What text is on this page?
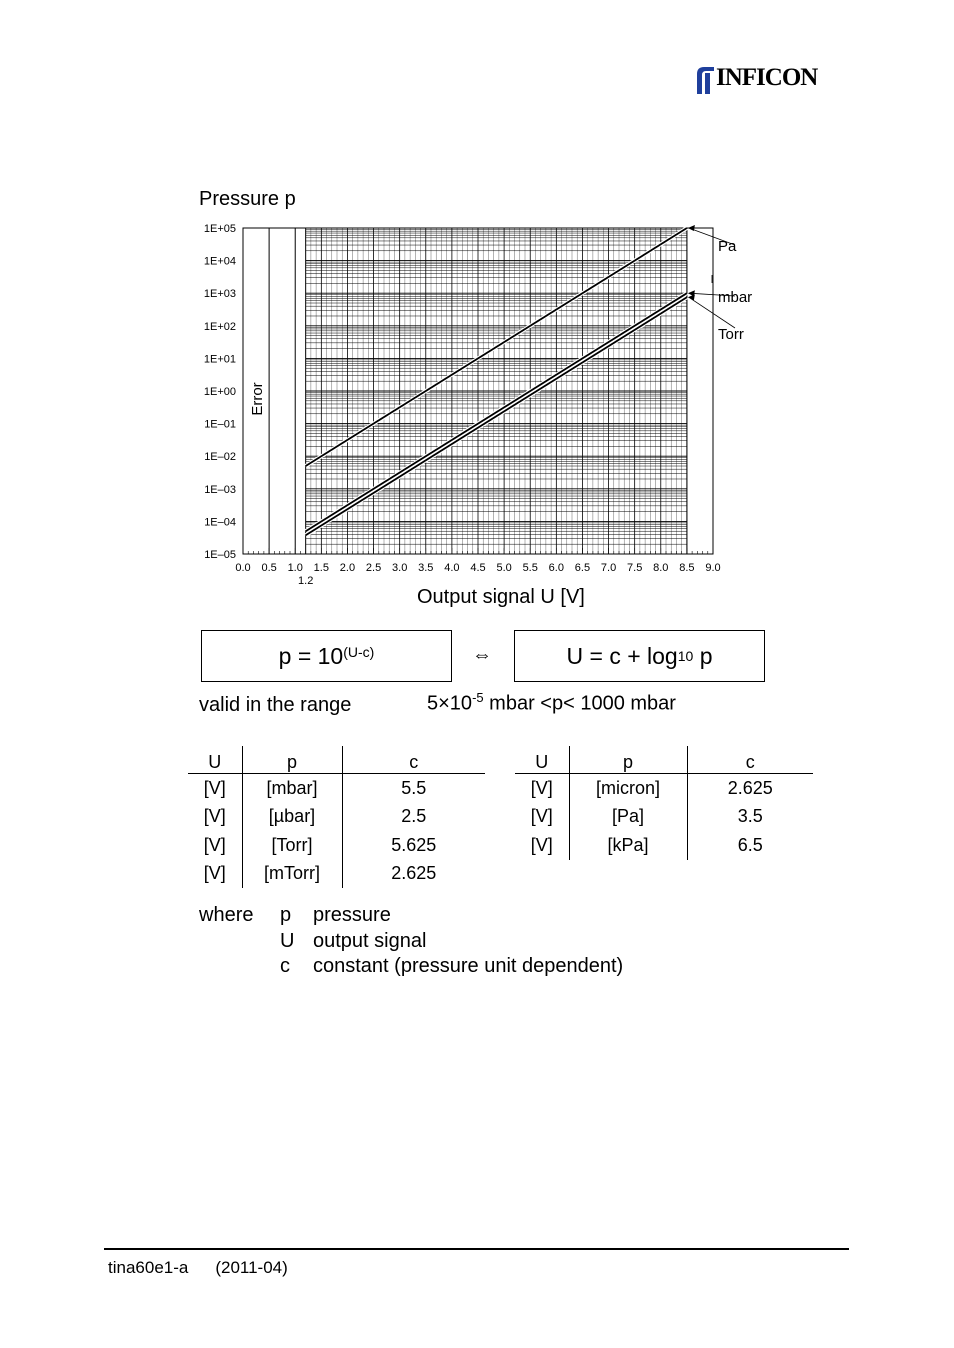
INFICON
Pressure p
Error
0.0 0.5 1.0 1.5 2.0 2.5 3.0 3.5 4.0 4.5 5.0 5.5 6.0 6.5 7.0 7.5 8.0 8.5 9.0
1.2
1E+05
1E+04
1E+03
1E+02
1E+01
1E+00
1E–01
1E–02
1E–03
1E–04
1E–05
Pa
mbar
Torr
Output signal U [V]
$p = 10^{(U-c)}$	⇔	U = c + log 10 p
valid in the range	$5\times 10^{-5}$ mbar <p< 1000 mbar
U	p	c
[V]	[mbar]	5.5
[V]	[µbar]	2.5
[V]	[Torr]	5.625
[V]	[mTorr]	2.625
U	p	c
[V]	[micron]	2.625
[V]	[Pa]	3.5
[V]	[kPa]	6.5
where p pressure
U output signal
c constant (pressure unit dependent)
tina60e1-a (2011-04)
